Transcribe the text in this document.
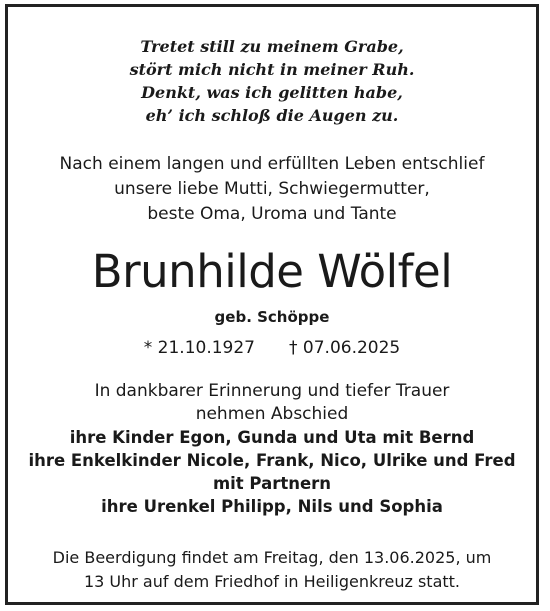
Tretet still zu meinem Grabe,
stört mich nicht in meiner Ruh.
Denkt, was ich gelitten habe,
eh’ ich schloß die Augen zu.
Nach einem langen und erfüllten Leben entschlief
unsere liebe Mutti, Schwiegermutter,
beste Oma, Uroma und Tante
Brunhilde Wölfel
geb. Schöppe
* 21.10.1927 † 07.06.2025
In dankbarer Erinnerung und tiefer Trauer
nehmen Abschied
ihre Kinder Egon, Gunda und Uta mit Bernd
ihre Enkelkinder Nicole, Frank, Nico, Ulrike und Fred
mit Partnern
ihre Urenkel Philipp, Nils und Sophia
Die Beerdigung findet am Freitag, den 13.06.2025, um
13 Uhr auf dem Friedhof in Heiligenkreuz statt.
